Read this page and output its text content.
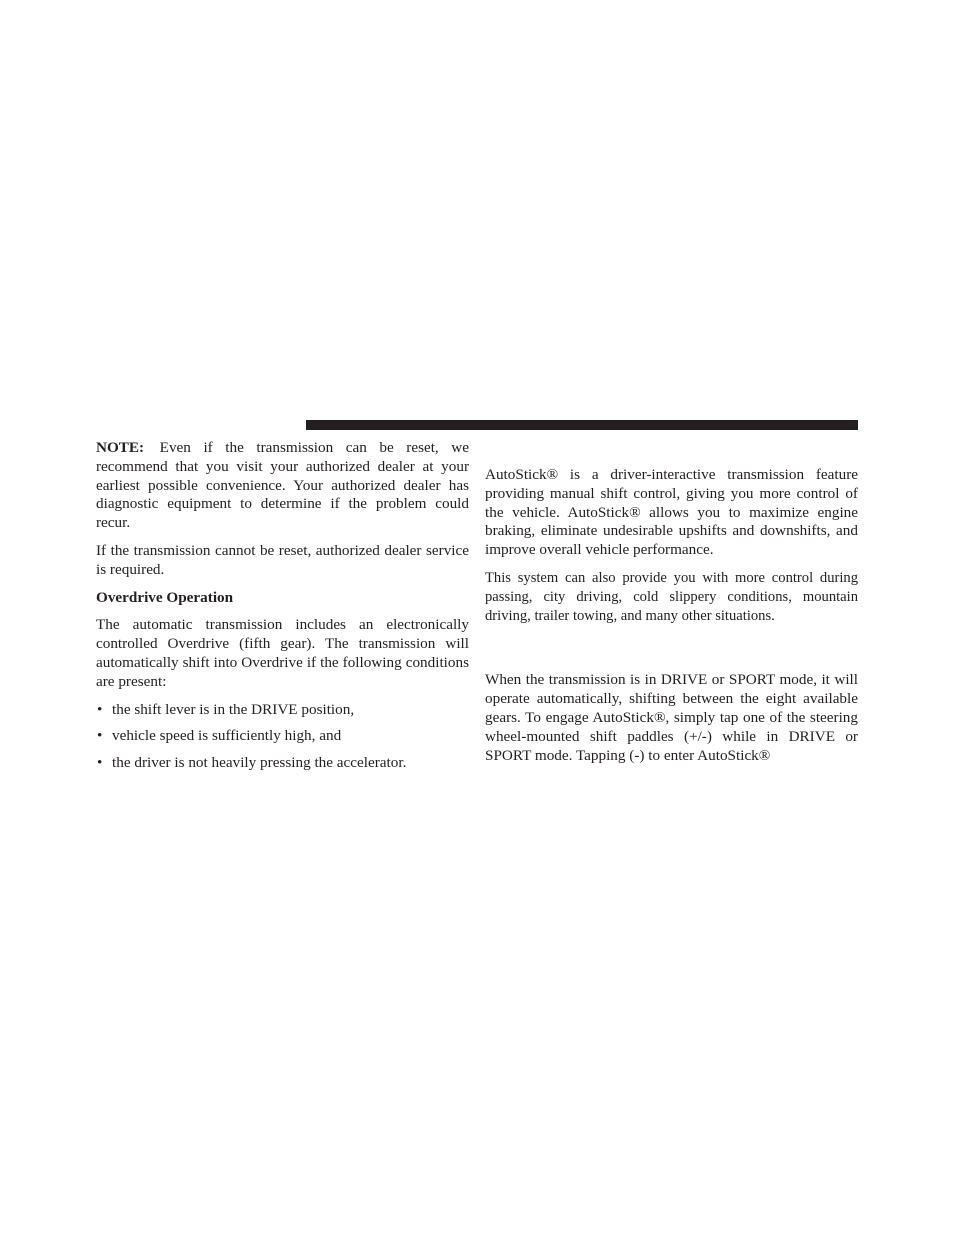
NOTE: Even if the transmission can be reset, we recommend that you visit your authorized dealer at your earliest possible convenience. Your authorized dealer has diagnostic equipment to determine if the problem could recur.

If the transmission cannot be reset, authorized dealer service is required.

Overdrive Operation

The automatic transmission includes an electronically controlled Overdrive (fifth gear). The transmission will automatically shift into Overdrive if the following conditions are present:

• the shift lever is in the DRIVE position,
• vehicle speed is sufficiently high, and
• the driver is not heavily pressing the accelerator.

AutoStick® is a driver-interactive transmission feature providing manual shift control, giving you more control of the vehicle. AutoStick® allows you to maximize engine braking, eliminate undesirable upshifts and downshifts, and improve overall vehicle performance.

This system can also provide you with more control during passing, city driving, cold slippery conditions, mountain driving, trailer towing, and many other situations.

When the transmission is in DRIVE or SPORT mode, it will operate automatically, shifting between the eight available gears. To engage AutoStick®, simply tap one of the steering wheel-mounted shift paddles (+/-) while in DRIVE or SPORT mode. Tapping (-) to enter AutoStick®
